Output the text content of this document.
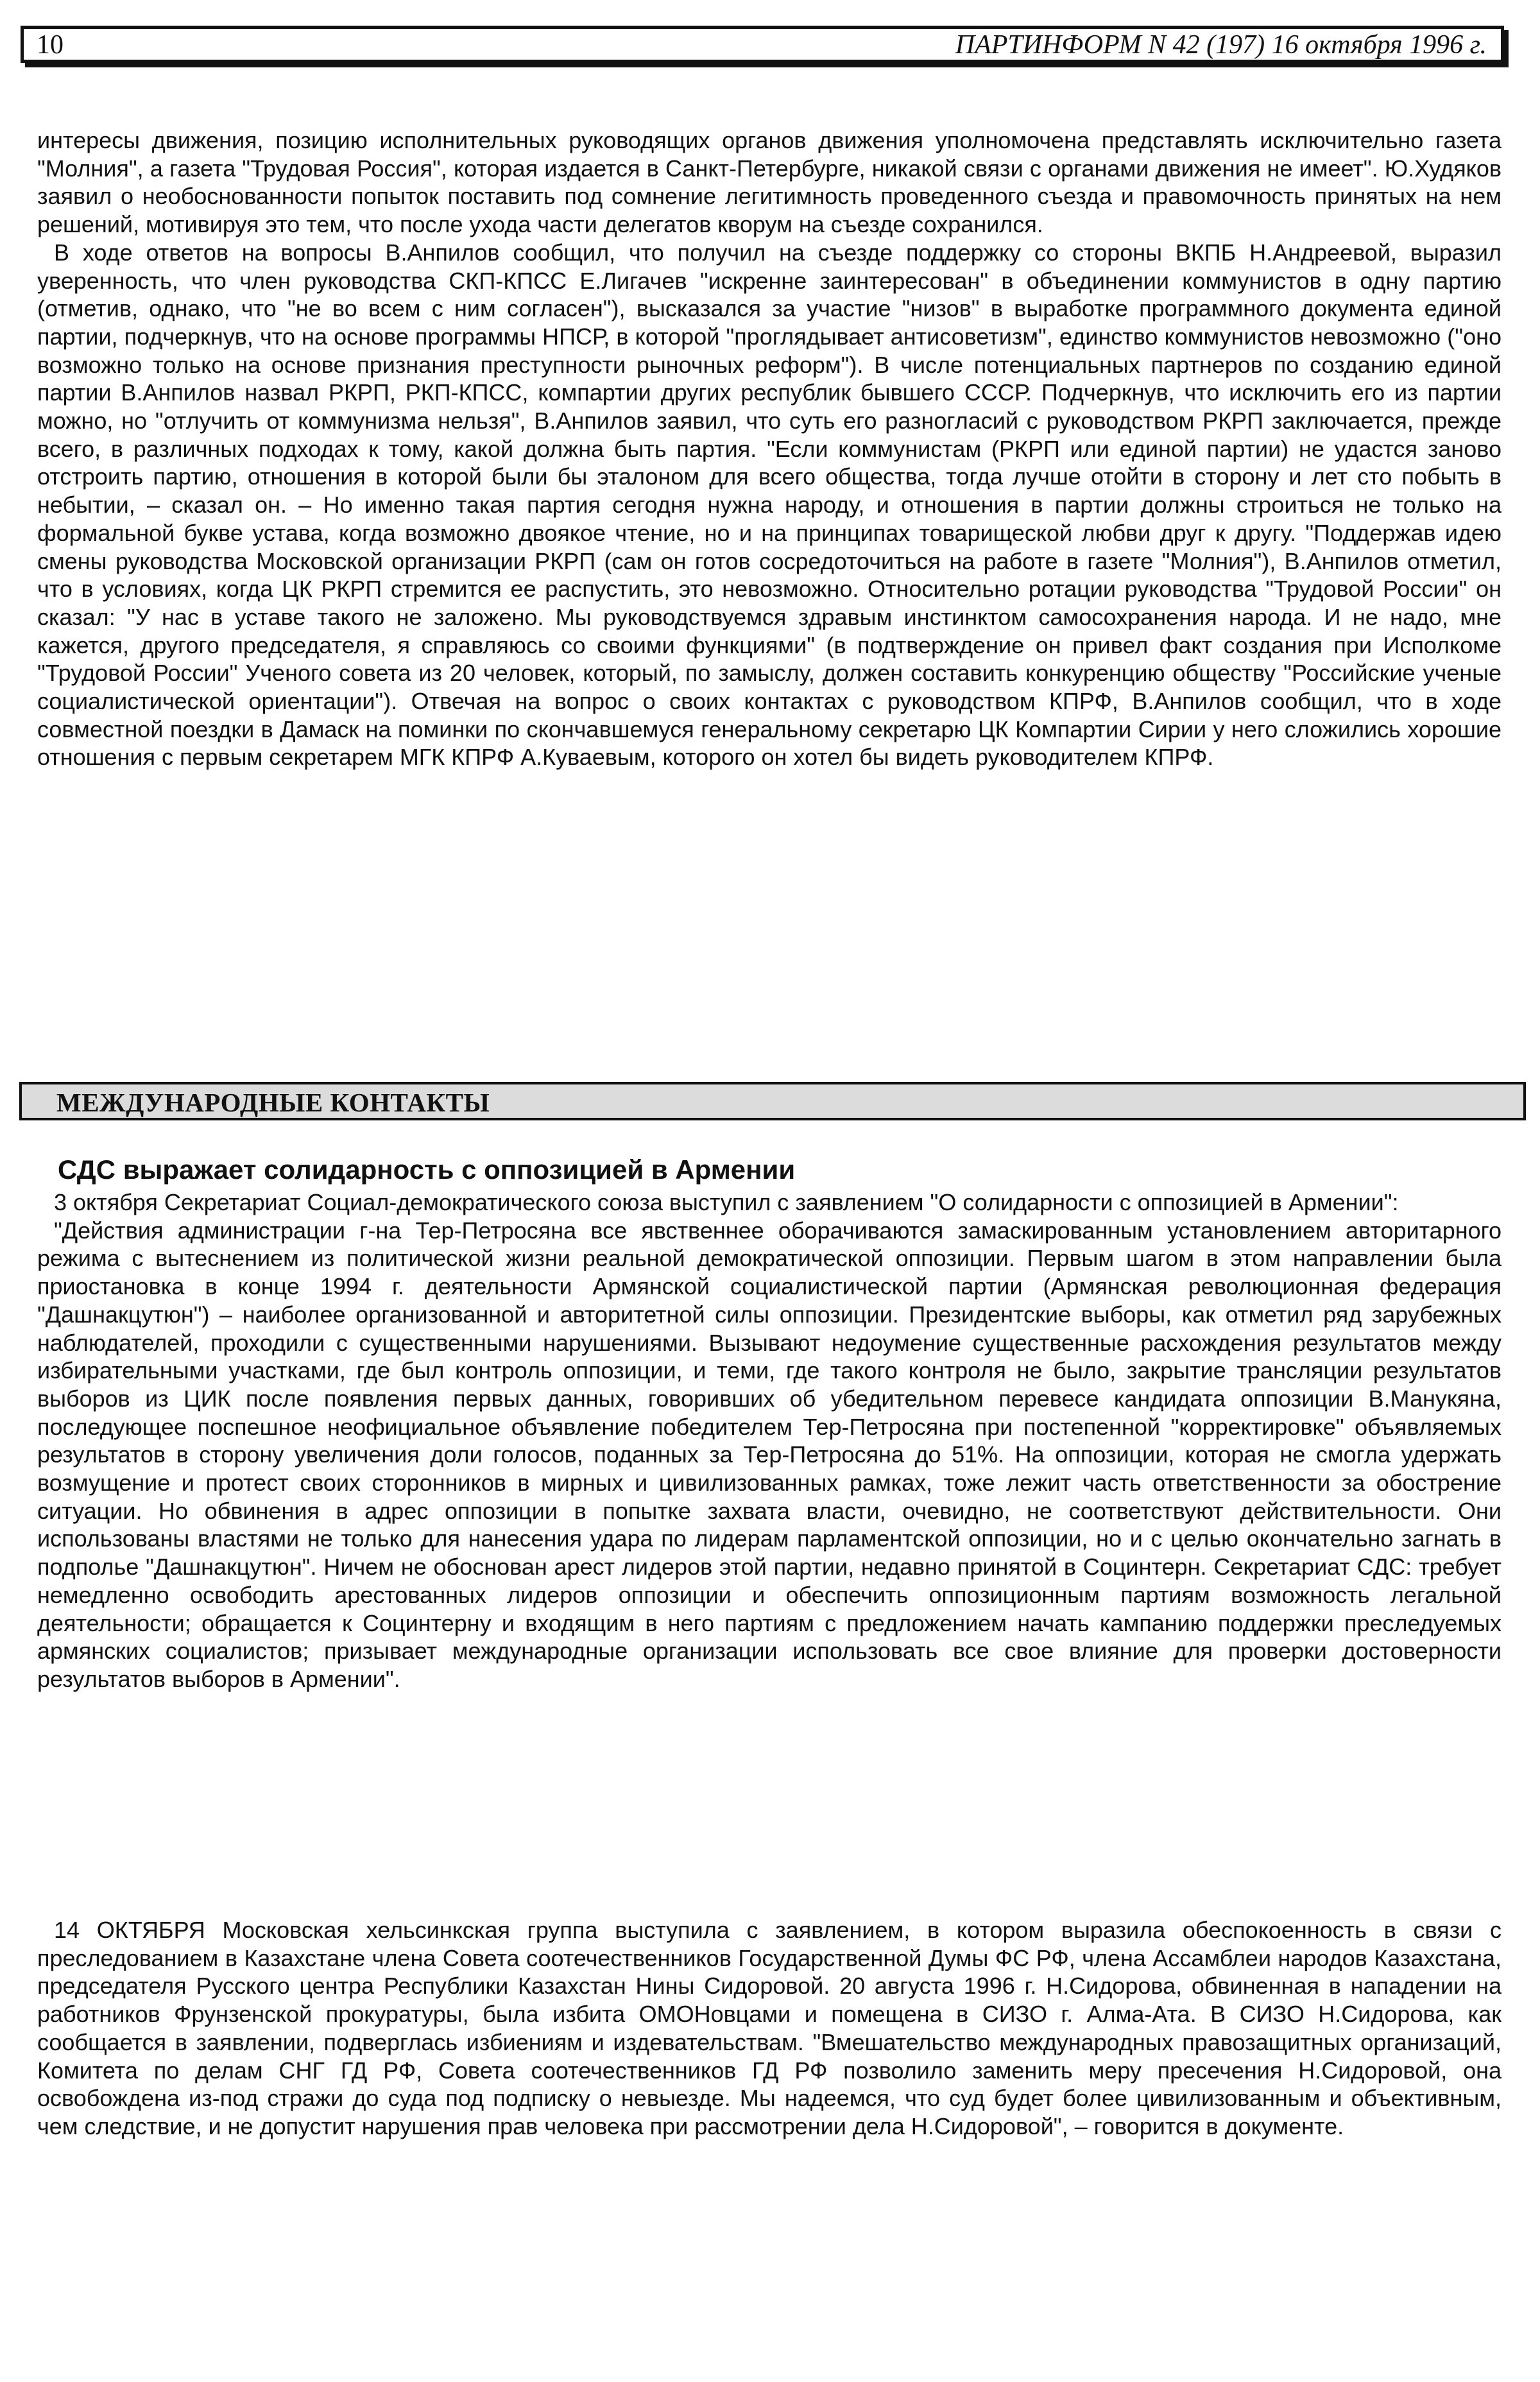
10	ПАРТИНФОРМ N 42 (197) 16 октября 1996 г.

интересы движения, позицию исполнительных руководящих органов движения уполномочена представлять исключительно газета "Молния", а газета "Трудовая Россия", которая издается в Санкт-Петербурге, никакой связи с органами движения не имеет". Ю.Худяков заявил о необоснованности попыток поставить под сомнение легитимность проведенного съезда и правомочность принятых на нем решений, мотивируя это тем, что после ухода части делегатов кворум на съезде сохранился.

В ходе ответов на вопросы В.Анпилов сообщил, что получил на съезде поддержку со стороны ВКПБ Н.Андреевой, выразил уверенность, что член руководства СКП-КПСС Е.Лигачев "искренне заинтересован" в объединении коммунистов в одну партию (отметив, однако, что "не во всем с ним согласен"), высказался за участие "низов" в выработке программного документа единой партии, подчеркнув, что на основе программы НПСР, в которой "проглядывает антисоветизм", единство коммунистов невозможно ("оно возможно только на основе признания преступности рыночных реформ"). В числе потенциальных партнеров по созданию единой партии В.Анпилов назвал РКРП, РКП-КПСС, компартии других республик бывшего СССР. Подчеркнув, что исключить его из партии можно, но "отлучить от коммунизма нельзя", В.Анпилов заявил, что суть его разногласий с руководством РКРП заключается, прежде всего, в различных подходах к тому, какой должна быть партия. "Если коммунистам (РКРП или единой партии) не удастся заново отстроить партию, отношения в которой были бы эталоном для всего общества, тогда лучше отойти в сторону и лет сто побыть в небытии, – сказал он. – Но именно такая партия сегодня нужна народу, и отношения в партии должны строиться не только на формальной букве устава, когда возможно двоякое чтение, но и на принципах товарищеской любви друг к другу. "Поддержав идею смены руководства Московской организации РКРП (сам он готов сосредоточиться на работе в газете "Молния"), В.Анпилов отметил, что в условиях, когда ЦК РКРП стремится ее распустить, это невозможно. Относительно ротации руководства "Трудовой России" он сказал: "У нас в уставе такого не заложено. Мы руководствуемся здравым инстинктом самосохранения народа. И не надо, мне кажется, другого председателя, я справляюсь со своими функциями" (в подтверждение он привел факт создания при Исполкоме "Трудовой России" Ученого совета из 20 человек, который, по замыслу, должен составить конкуренцию обществу "Российские ученые социалистической ориентации"). Отвечая на вопрос о своих контактах с руководством КПРФ, В.Анпилов сообщил, что в ходе совместной поездки в Дамаск на поминки по скончавшемуся генеральному секретарю ЦК Компартии Сирии у него сложились хорошие отношения с первым секретарем МГК КПРФ А.Куваевым, которого он хотел бы видеть руководителем КПРФ.

МЕЖДУНАРОДНЫЕ КОНТАКТЫ
СДС выражает солидарность с оппозицией в Армении

3 октября Секретариат Социал-демократического союза выступил с заявлением "О солидарности с оппозицией в Армении":

"Действия администрации г-на Тер-Петросяна все явственнее оборачиваются замаскированным установлением авторитарного режима с вытеснением из политической жизни реальной демократической оппозиции. Первым шагом в этом направлении была приостановка в конце 1994 г. деятельности Армянской социалистической партии (Армянская революционная федерация "Дашнакцутюн") – наиболее организованной и авторитетной силы оппозиции. Президентские выборы, как отметил ряд зарубежных наблюдателей, проходили с существенными нарушениями. Вызывают недоумение существенные расхождения результатов между избирательными участками, где был контроль оппозиции, и теми, где такого контроля не было, закрытие трансляции результатов выборов из ЦИК после появления первых данных, говоривших об убедительном перевесе кандидата оппозиции В.Манукяна, последующее поспешное неофициальное объявление победителем Тер-Петросяна при постепенной "корректировке" объявляемых результатов в сторону увеличения доли голосов, поданных за Тер-Петросяна до 51%. На оппозиции, которая не смогла удержать возмущение и протест своих сторонников в мирных и цивилизованных рамках, тоже лежит часть ответственности за обострение ситуации. Но обвинения в адрес оппозиции в попытке захвата власти, очевидно, не соответствуют действительности. Они использованы властями не только для нанесения удара по лидерам парламентской оппозиции, но и с целью окончательно загнать в подполье "Дашнакцутюн". Ничем не обоснован арест лидеров этой партии, недавно принятой в Социнтерн. Секретариат СДС: требует немедленно освободить арестованных лидеров оппозиции и обеспечить оппозиционным партиям возможность легальной деятельности; обращается к Социнтерну и входящим в него партиям с предложением начать кампанию поддержки преследуемых армянских социалистов; призывает международные организации использовать все свое влияние для проверки достоверности результатов выборов в Армении".

14 ОКТЯБРЯ Московская хельсинкская группа выступила с заявлением, в котором выразила обеспокоенность в связи с преследованием в Казахстане члена Совета соотечественников Государственной Думы ФС РФ, члена Ассамблеи народов Казахстана, председателя Русского центра Республики Казахстан Нины Сидоровой. 20 августа 1996 г. Н.Сидорова, обвиненная в нападении на работников Фрунзенской прокуратуры, была избита ОМОНовцами и помещена в СИЗО г. Алма-Ата. В СИЗО Н.Сидорова, как сообщается в заявлении, подверглась избиениям и издевательствам. "Вмешательство международных правозащитных организаций, Комитета по делам СНГ ГД РФ, Совета соотечественников ГД РФ позволило заменить меру пресечения Н.Сидоровой, она освобождена из-под стражи до суда под подписку о невыезде. Мы надеемся, что суд будет более цивилизованным и объективным, чем следствие, и не допустит нарушения прав человека при рассмотрении дела Н.Сидоровой", – говорится в документе.
